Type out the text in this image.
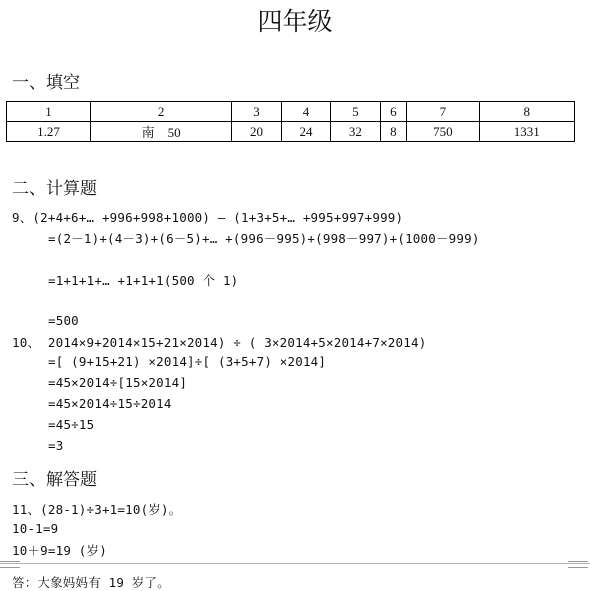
四年级
一、填空
1	2	3	4	5	6	7	8
1.27	南　50	20	24	32	8	750	1331
二、计算题
9、(2+4+6+… +996+998+1000) — (1+3+5+… +995+997+999)
=(2－1)+(4－3)+(6－5)+… +(996－995)+(998－997)+(1000－999)
=1+1+1+… +1+1+1(500 个 1)
=500
10、 2014×9+2014×15+21×2014) ÷ ( 3×2014+5×2014+7×2014)
=[ (9+15+21) ×2014]÷[ (3+5+7) ×2014]
=45×2014÷[15×2014]
=45×2014÷15÷2014
=45÷15
=3
三、解答题
11、(28-1)÷3+1=10(岁)。
10-1=9
10＋9=19 (岁)
答：大象妈妈有 19 岁了。
